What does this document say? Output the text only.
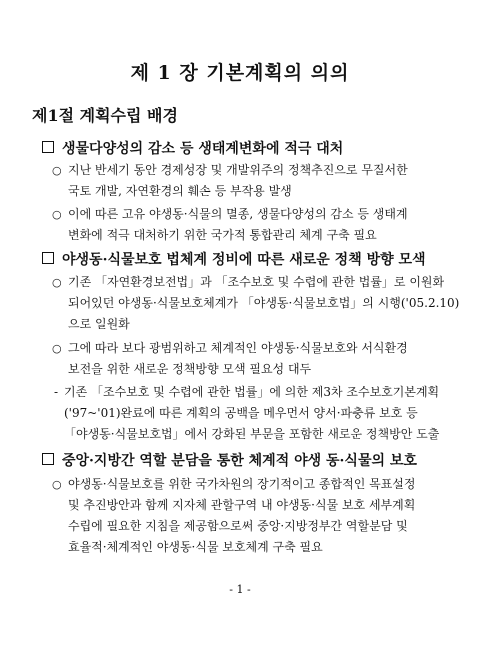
제 1 장 기본계획의 의의
제1절 계획수립 배경
생물다양성의 감소 등 생태계변화에 적극 대처
○ 지난 반세기 동안 경제성장 및 개발위주의 정책추진으로 무질서한
국토 개발, 자연환경의 훼손 등 부작용 발생
○ 이에 따른 고유 야생동·식물의 멸종, 생물다양성의 감소 등 생태계
변화에 적극 대처하기 위한 국가적 통합관리 체계 구축 필요
야생동·식물보호 법체계 정비에 따른 새로운 정책 방향 모색
○ 기존 「자연환경보전법」과 「조수보호 및 수렵에 관한 법률」로 이원화
되어있던 야생동·식물보호체계가 「야생동·식물보호법」의 시행('05.2.10)
으로 일원화
○ 그에 따라 보다 광범위하고 체계적인 야생동·식물보호와 서식환경
보전을 위한 새로운 정책방향 모색 필요성 대두
- 기존 「조수보호 및 수렵에 관한 법률」에 의한 제3차 조수보호기본계획
('97~'01)완료에 따른 계획의 공백을 메우먼서 양서·파충류 보호 등
「야생동·식물보호법」에서 강화된 부문을 포함한 새로운 정책방안 도출
중앙·지방간 역할 분담을 통한 체계적 야생 동·식물의 보호
○ 야생동·식물보호를 위한 국가차원의 장기적이고 종합적인 목표설정
및 추진방안과 함께 지자체 관할구역 내 야생동·식물 보호 세부계획
수립에 필요한 지침을 제공함으로써 중앙·지방정부간 역할분담 및
효율적·체계적인 야생동·식물 보호체계 구축 필요
- 1 -
